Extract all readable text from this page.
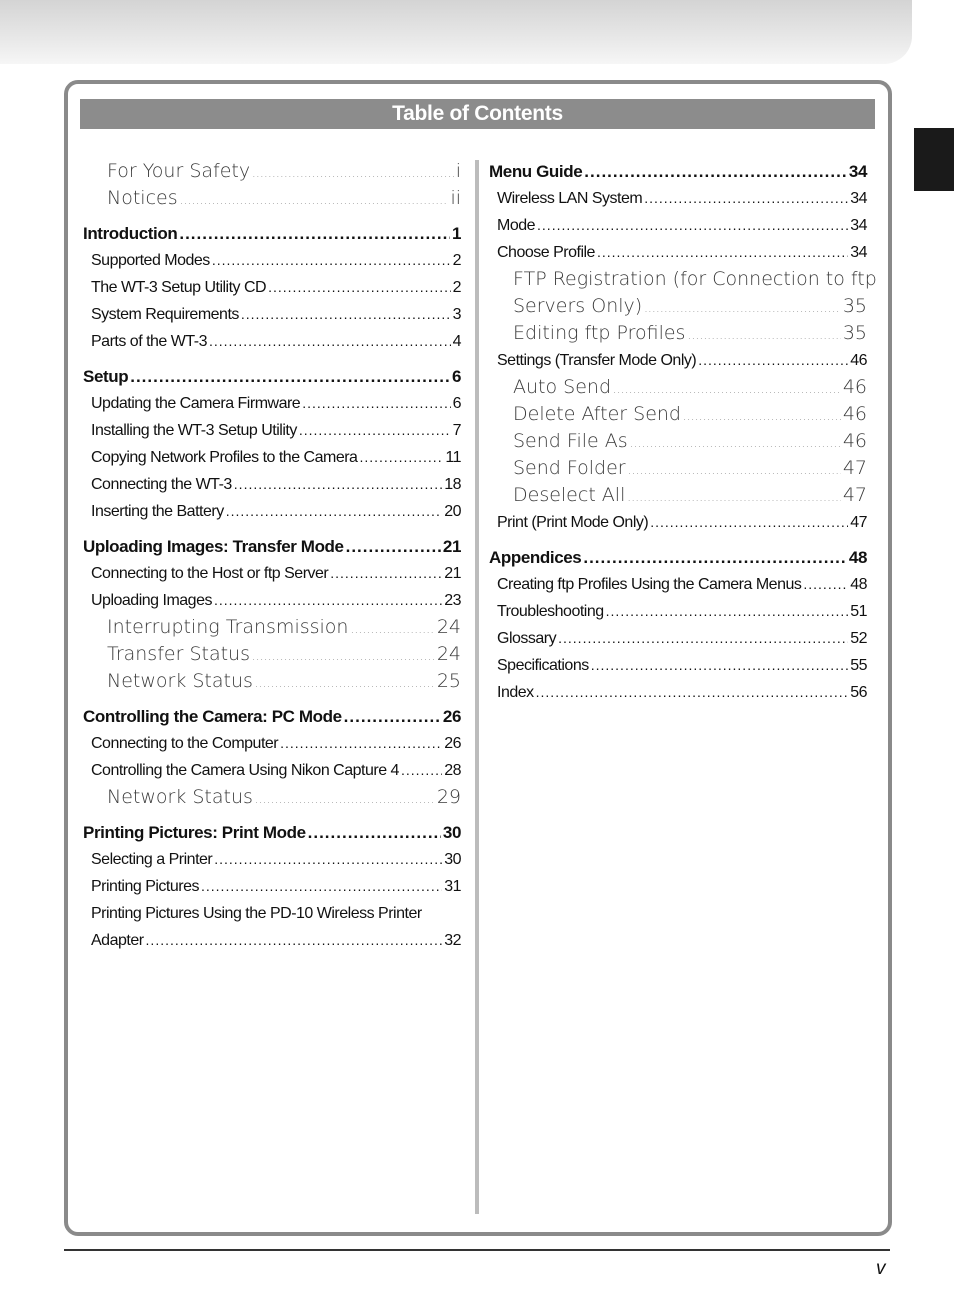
Table of Contents
For Your Safety .....	i
Notices .....	ii
Introduction .....	1
Supported Modes .....	2
The WT-3 Setup Utility CD .....	2
System Requirements .....	3
Parts of the WT-3 .....	4
Setup .....	6
Updating the Camera Firmware .....	6
Installing the WT-3 Setup Utility .....	7
Copying Network Profiles to the Camera .....	11
Connecting the WT-3 .....	18
Inserting the Battery .....	20
Uploading Images: Transfer Mode .....	21
Connecting to the Host or ftp Server .....	21
Uploading Images .....	23
Interrupting Transmission .....	24
Transfer Status .....	24
Network Status .....	25
Controlling the Camera: PC Mode .....	26
Connecting to the Computer .....	26
Controlling the Camera Using Nikon Capture 4 .....	28
Network Status .....	29
Printing Pictures: Print Mode .....	30
Selecting a Printer .....	30
Printing Pictures .....	31
Printing Pictures Using the PD-10 Wireless Printer
Adapter .....	32
Menu Guide .....	34
Wireless LAN System .....	34
Mode .....	34
Choose Profile .....	34
FTP Registration (for Connection to ftp
Servers Only) .....	35
Editing ftp Profiles .....	35
Settings (Transfer Mode Only) .....	46
Auto Send .....	46
Delete After Send .....	46
Send File As .....	46
Send Folder .....	47
Deselect All .....	47
Print (Print Mode Only) .....	47
Appendices .....	48
Creating ftp Profiles Using the Camera Menus .....	48
Troubleshooting .....	51
Glossary .....	52
Specifications .....	55
Index .....	56
v
